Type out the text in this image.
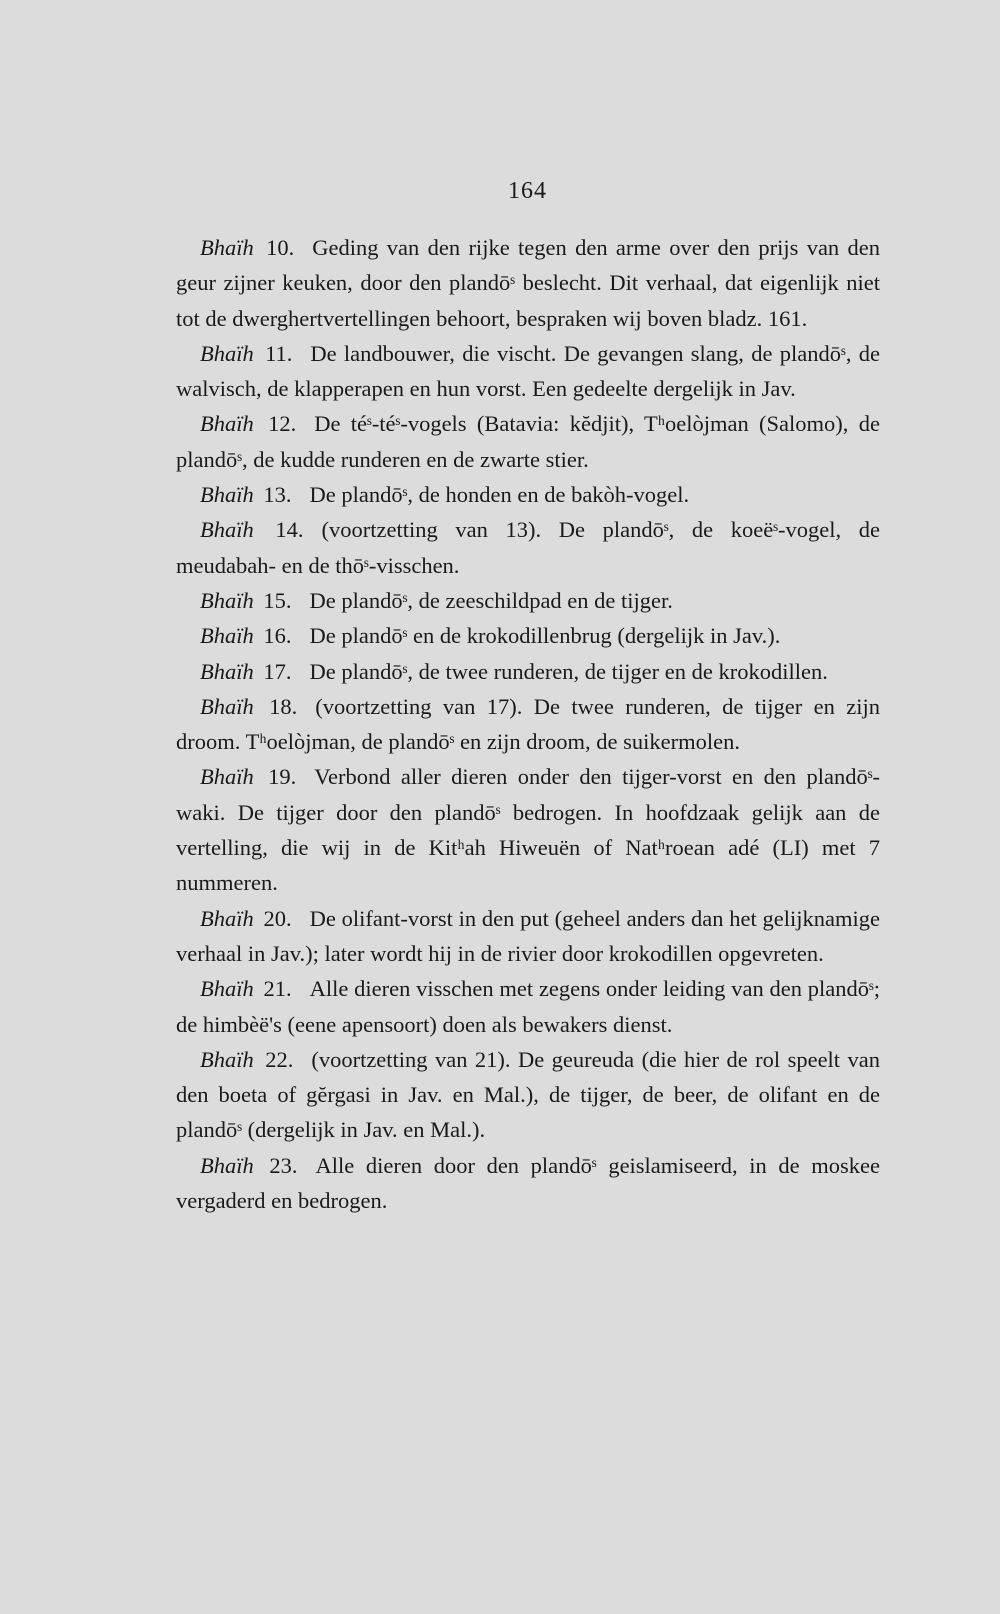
164

Bhaïh 10. Geding van den rijke tegen den arme over den prijs van den geur zijner keuken, door den plandōˢ beslecht. Dit verhaal, dat eigenlijk niet tot de dwerghertvertellingen behoort, bespraken wij boven bladz. 161.

Bhaïh 11. De landbouwer, die vischt. De gevangen slang, de plandōˢ, de walvisch, de klapperapen en hun vorst. Een gedeelte dergelijk in Jav.

Bhaïh 12. De téˢ-téˢ-vogels (Batavia: kĕdjit), Tʰoelòjman (Salomo), de plandōˢ, de kudde runderen en de zwarte stier.

Bhaïh 13. De plandōˢ, de honden en de bakòh-vogel.

Bhaïh 14. (voortzetting van 13). De plandōˢ, de koeëˢ-vogel, de meudabah- en de thōˢ-visschen.

Bhaïh 15. De plandōˢ, de zeeschildpad en de tijger.

Bhaïh 16. De plandōˢ en de krokodillenbrug (dergelijk in Jav.).

Bhaïh 17. De plandōˢ, de twee runderen, de tijger en de krokodillen.

Bhaïh 18. (voortzetting van 17). De twee runderen, de tijger en zijn droom. Tʰoelòjman, de plandōˢ en zijn droom, de suikermolen.

Bhaïh 19. Verbond aller dieren onder den tijger-vorst en den plandōˢ-waki. De tijger door den plandōˢ bedrogen. In hoofdzaak gelijk aan de vertelling, die wij in de Kitʰah Hiweuën of Natʰroean adé (LI) met 7 nummeren.

Bhaïh 20. De olifant-vorst in den put (geheel anders dan het gelijknamige verhaal in Jav.); later wordt hij in de rivier door krokodillen opgevreten.

Bhaïh 21. Alle dieren visschen met zegens onder leiding van den plandōˢ; de himbèë's (eene apensoort) doen als bewakers dienst.

Bhaïh 22. (voortzetting van 21). De geureuda (die hier de rol speelt van den boeta of gĕrgasi in Jav. en Mal.), de tijger, de beer, de olifant en de plandōˢ (dergelijk in Jav. en Mal.).

Bhaïh 23. Alle dieren door den plandōˢ geislamiseerd, in de moskee vergaderd en bedrogen.
